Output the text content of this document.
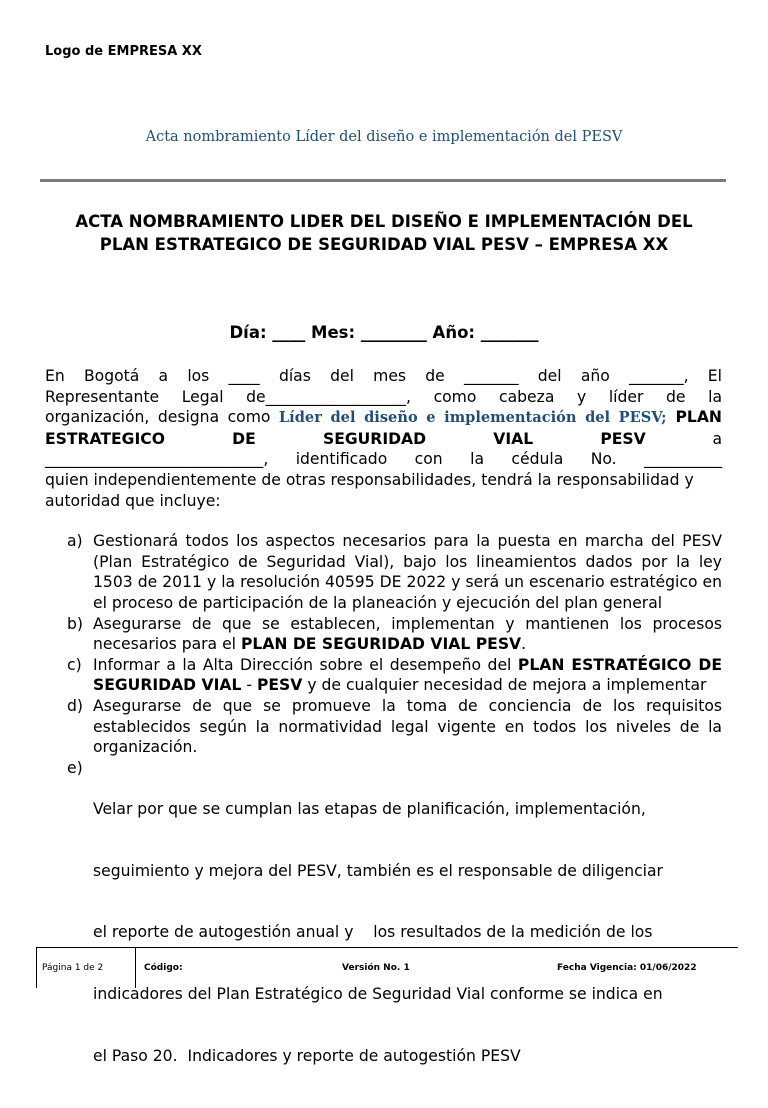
Logo de EMPRESA XX
Acta nombramiento Líder del diseño e implementación del PESV
ACTA NOMBRAMIENTO LIDER DEL DISEÑO E IMPLEMENTACIÓN DEL
PLAN ESTRATEGICO DE SEGURIDAD VIAL PESV – EMPRESA XX
Día: ____ Mes: ________ Año: _______
En Bogotá a los ____ días del mes de _______ del año _______, El
Representante Legal de__________________, como cabeza y líder de la
organización, designa como Líder del diseño e implementación del PESV; PLAN
ESTRATEGICO DE SEGURIDAD VIAL PESV a
____________________________, identificado con la cédula No. __________
quien independientemente de otras responsabilidades, tendrá la responsabilidad y
autoridad que incluye:
a) Gestionará todos los aspectos necesarios para la puesta en marcha del PESV (Plan Estratégico de Seguridad Vial), bajo los lineamientos dados por la ley 1503 de 2011 y la resolución 40595 DE 2022 y será un escenario estratégico en el proceso de participación de la planeación y ejecución del plan general
b) Asegurarse de que se establecen, implementan y mantienen los procesos necesarios para el PLAN DE SEGURIDAD VIAL PESV.
c) Informar a la Alta Dirección sobre el desempeño del PLAN ESTRATÉGICO DE SEGURIDAD VIAL - PESV y de cualquier necesidad de mejora a implementar
d) Asegurarse de que se promueve la toma de conciencia de los requisitos establecidos según la normatividad legal vigente en todos los niveles de la organización.
e)

Velar por que se cumplan las etapas de planificación, implementación,

seguimiento y mejora del PESV, también es el responsable de diligenciar

el reporte de autogestión anual y    los resultados de la medición de los

indicadores del Plan Estratégico de Seguridad Vial conforme se indica en

el Paso 20.  Indicadores y reporte de autogestión PESV

Página 1 de 2	Código:	Versión No. 1	Fecha Vigencia: 01/06/2022
